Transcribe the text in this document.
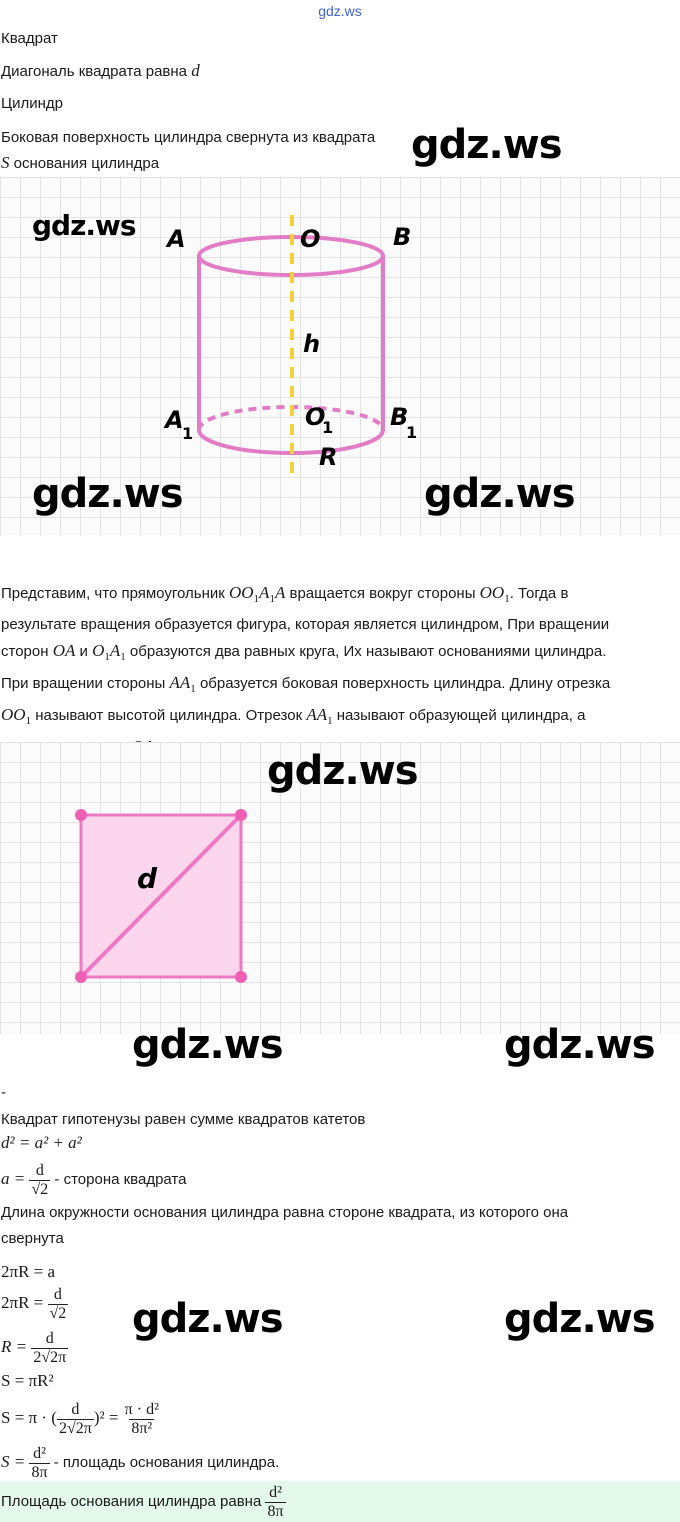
gdz.ws
Квадрат
Диагональ квадрата равна d
Цилиндр
Боковая поверхность цилиндра свернута из квадрата
S основания цилиндра	gdz.ws
A	O	B
h
A
1
O
1 B
1
R
gdz.ws
gdz.ws	gdz.ws
Представим, что прямоугольник $OO_1A_1A$ вращается вокруг стороны $OO_1$. Тогда в
результате вращения образуется фигура, которая является цилиндром, При вращении
сторон OA и $O_1A_1$ образуются два равных круга, Их называют основаниями цилиндра.
При вращении стороны $AA_1$ образуется боковая поверхность цилиндра. Длину отрезка
$OO_1$ называют высотой цилиндра. Отрезок $AA_1$ называют образующей цилиндра, а
d
gdz.ws
gdz.ws	gdz.ws
-
Квадрат гипотенузы равен сумме квадратов катетов
d² = a² + a²
$a = \frac{d}{√2}$ - сторона квадрата
Длина окружности основания цилиндра равна стороне квадрата, из которого она
свернута
2πR = a
$2\pi R = \frac{d}{√2}$
$R = \frac{d}{2√2\pi}$
S = πR²
S = π · ( $\frac{d}{2√2\pi} )^2 = \frac{\text{π · d²}}{\text{8π²}}$
$S = \frac{\text{d²}}{8\pi}$ - площадь основания цилиндра.
gdz.ws	gdz.ws
Площадь основания цилиндра равна $\frac{\text{d²}}{8\pi}$
